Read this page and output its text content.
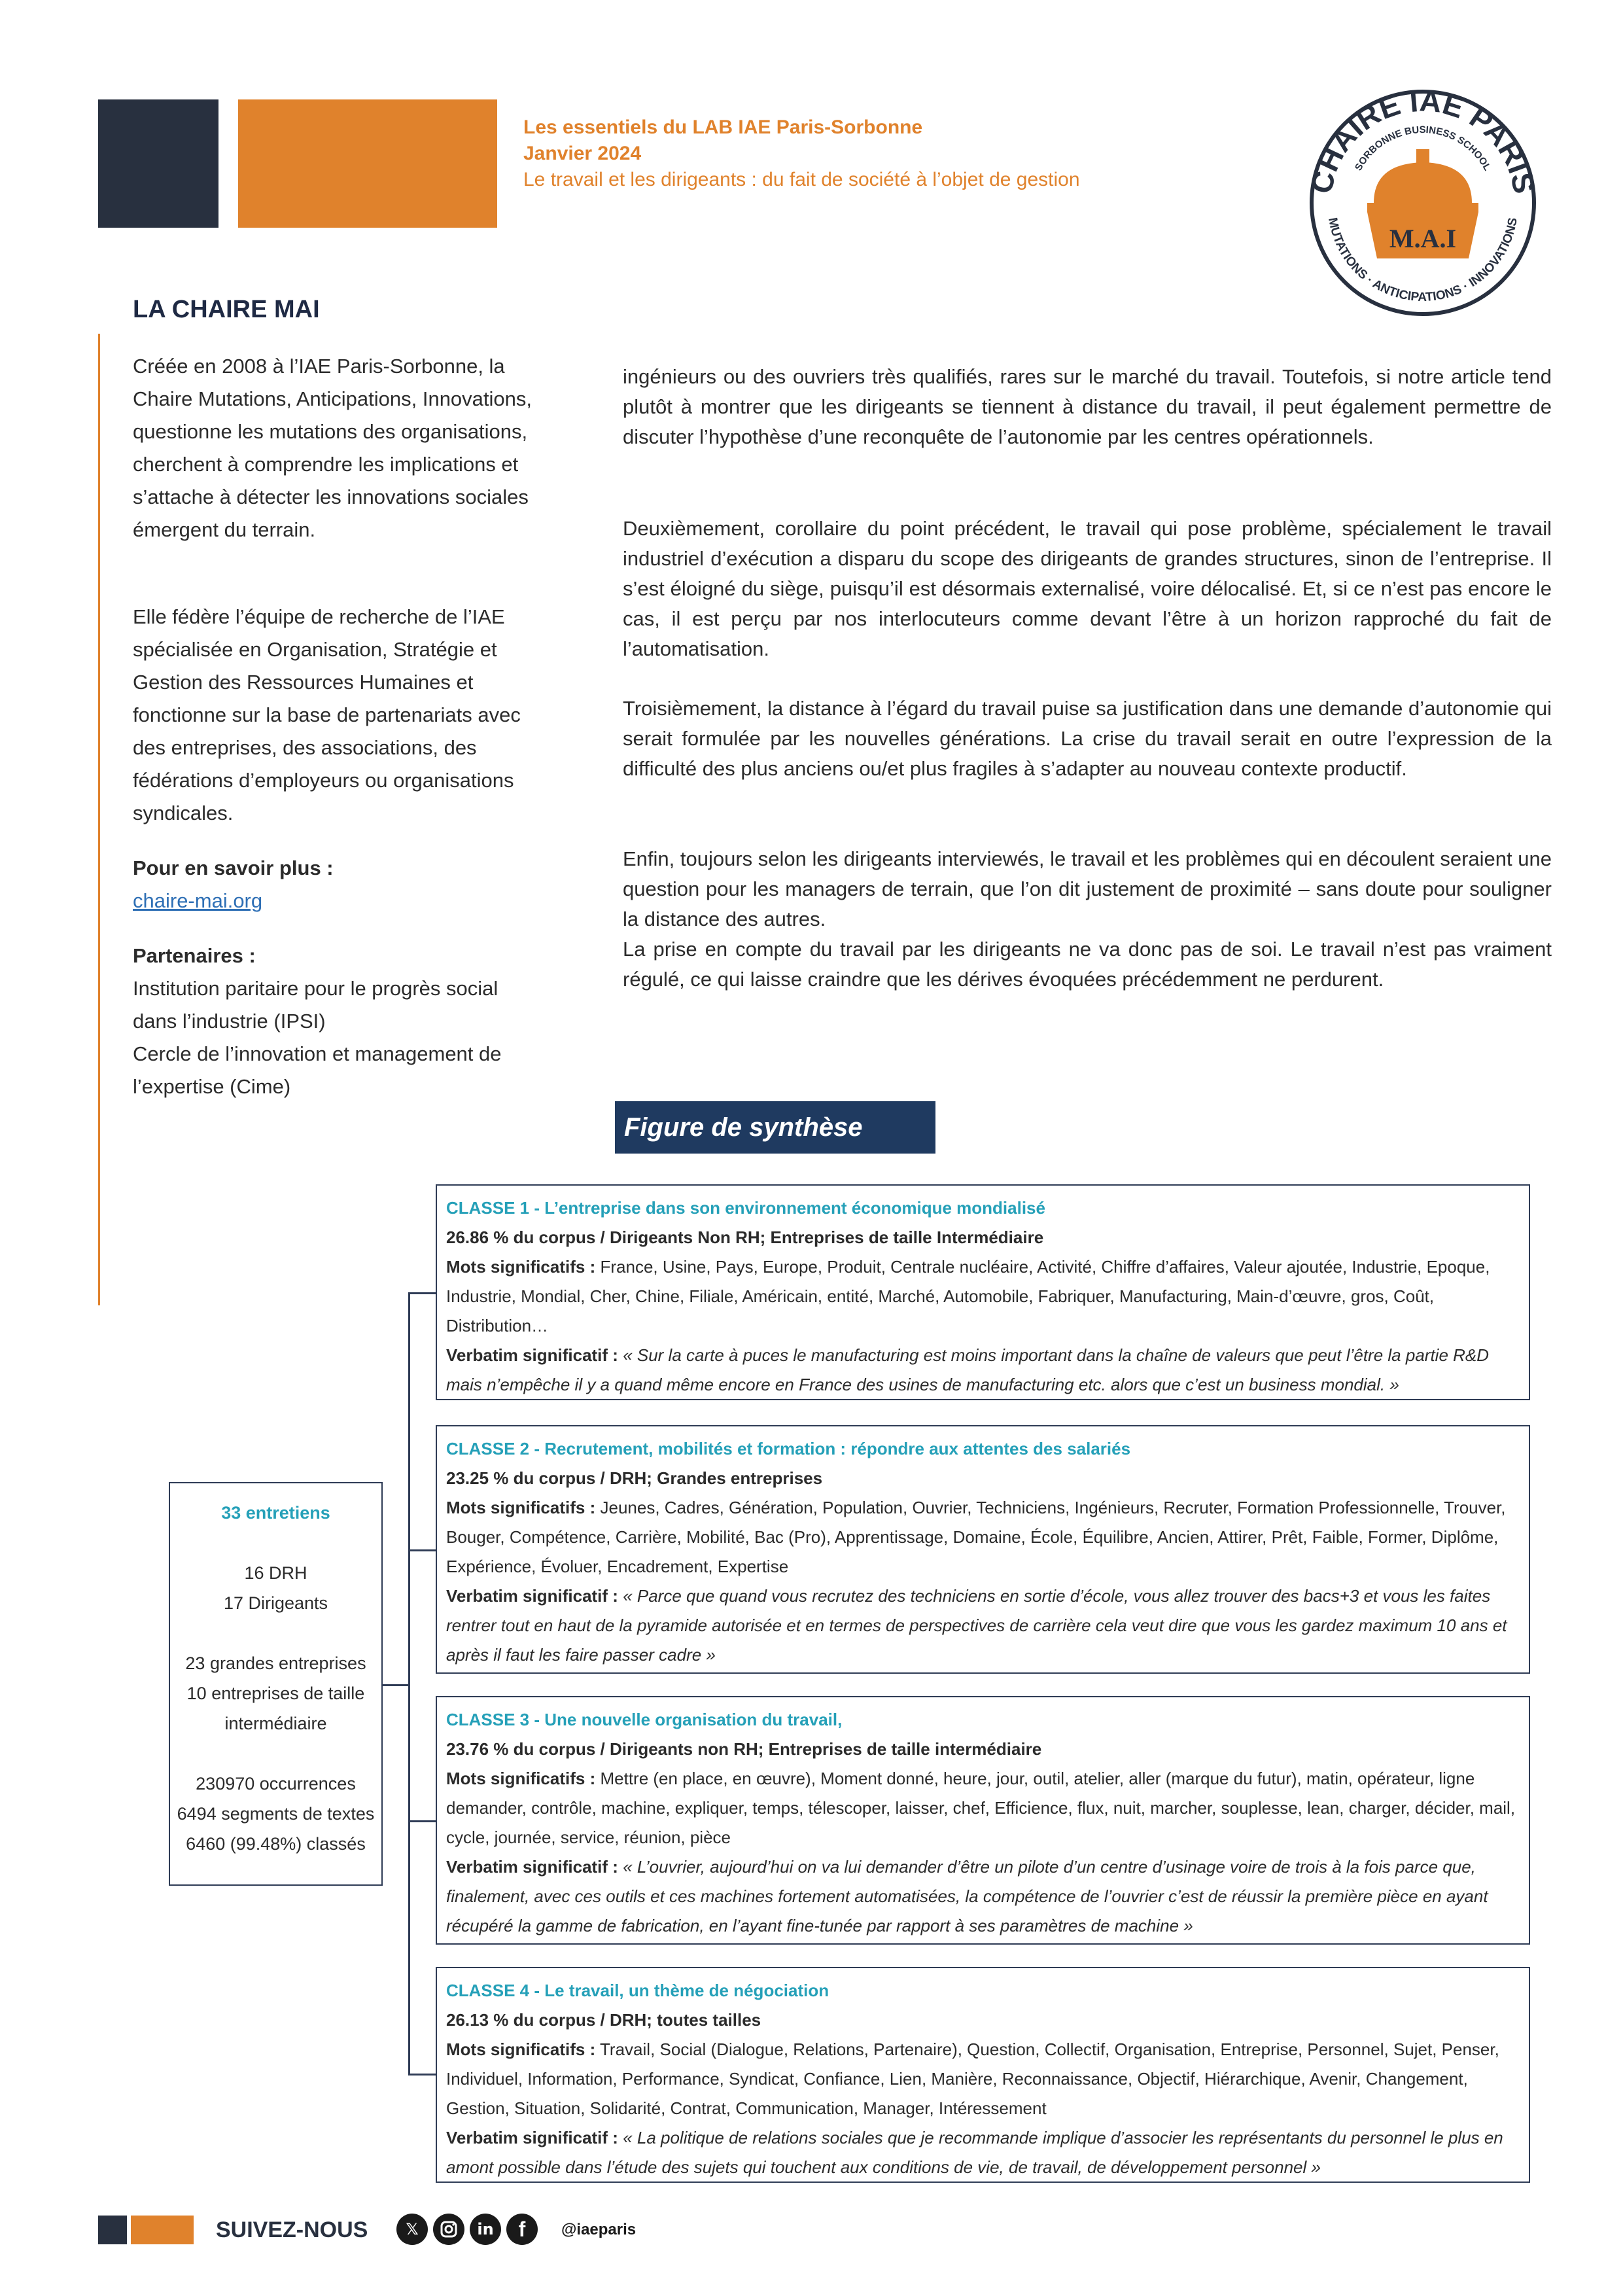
Les essentiels du LAB IAE Paris-Sorbonne
Janvier 2024
Le travail et les dirigeants : du fait de société à l’objet de gestion	CHAIRE IAE PARIS
SORBONNE BUSINESS SCHOOL
MUTATIONS · ANTICIPATIONS · INNOVATIONS
M.A.I
LA CHAIRE MAI
Créée en 2008 à l’IAE Paris-Sorbonne, la Chaire Mutations, Anticipations, Innovations, questionne les mutations des organisations, cherchent à comprendre les implications et s’attache à détecter les innovations sociales émergent du terrain.
Elle fédère l’équipe de recherche de l’IAE spécialisée en Organisation, Stratégie et Gestion des Ressources Humaines et fonctionne sur la base de partenariats avec des entreprises, des associations, des fédérations d’employeurs ou organisations syndicales.
Pour en savoir plus :
chaire-mai.org
Partenaires :
Institution paritaire pour le progrès social dans l’industrie (IPSI)
Cercle de l’innovation et management de l’expertise (Cime)
ingénieurs ou des ouvriers très qualifiés, rares sur le marché du travail. Toutefois, si notre article tend plutôt à montrer que les dirigeants se tiennent à distance du travail, il peut également permettre de discuter l’hypothèse d’une reconquête de l’autonomie par les centres opérationnels.
Deuxièmement, corollaire du point précédent, le travail qui pose problème, spécialement le travail industriel d’exécution a disparu du scope des dirigeants de grandes structures, sinon de l’entreprise. Il s’est éloigné du siège, puisqu’il est désormais externalisé, voire délocalisé. Et, si ce n’est pas encore le cas, il est perçu par nos interlocuteurs comme devant l’être à un horizon rapproché du fait de l’automatisation.
Troisièmement, la distance à l’égard du travail puise sa justification dans une demande d’autonomie qui serait formulée par les nouvelles générations. La crise du travail serait en outre l’expression de la difficulté des plus anciens ou/et plus fragiles à s’adapter au nouveau contexte productif.
Enfin, toujours selon les dirigeants interviewés, le travail et les problèmes qui en découlent seraient une question pour les managers de terrain, que l’on dit justement de proximité – sans doute pour souligner la distance des autres.
La prise en compte du travail par les dirigeants ne va donc pas de soi. Le travail n’est pas vraiment régulé, ce qui laisse craindre que les dérives évoquées précédemment ne perdurent.
Figure de synthèse
33 entretiens
16 DRH
17 Dirigeants
23 grandes entreprises
10 entreprises de taille intermédiaire
230970 occurrences
6494 segments de textes
6460 (99.48%) classés
CLASSE 1 - L’entreprise dans son environnement économique mondialisé
26.86 % du corpus / Dirigeants Non RH; Entreprises de taille Intermédiaire
Mots significatifs : France, Usine, Pays, Europe, Produit, Centrale nucléaire, Activité, Chiffre d’affaires, Valeur ajoutée, Industrie, Epoque, Industrie, Mondial, Cher, Chine, Filiale, Américain, entité, Marché, Automobile, Fabriquer, Manufacturing, Main-d’œuvre, gros, Coût, Distribution…
Verbatim significatif : « Sur la carte à puces le manufacturing est moins important dans la chaîne de valeurs que peut l’être la partie R&D mais n’empêche il y a quand même encore en France des usines de manufacturing etc. alors que c’est un business mondial. »
CLASSE 2 - Recrutement, mobilités et formation : répondre aux attentes des salariés
23.25 % du corpus / DRH; Grandes entreprises
Mots significatifs : Jeunes, Cadres, Génération, Population, Ouvrier, Techniciens, Ingénieurs, Recruter, Formation Professionnelle, Trouver, Bouger, Compétence, Carrière, Mobilité, Bac (Pro), Apprentissage, Domaine, École, Équilibre, Ancien, Attirer, Prêt, Faible, Former, Diplôme, Expérience, Évoluer, Encadrement, Expertise
Verbatim significatif : « Parce que quand vous recrutez des techniciens en sortie d’école, vous allez trouver des bacs+3 et vous les faites rentrer tout en haut de la pyramide autorisée et en termes de perspectives de carrière cela veut dire que vous les gardez maximum 10 ans et après il faut les faire passer cadre »
CLASSE 3 - Une nouvelle organisation du travail,
23.76 % du corpus / Dirigeants non RH; Entreprises de taille intermédiaire
Mots significatifs : Mettre (en place, en œuvre), Moment donné, heure, jour, outil, atelier, aller (marque du futur), matin, opérateur, ligne demander, contrôle, machine, expliquer, temps, télescoper, laisser, chef, Efficience, flux, nuit, marcher, souplesse, lean, charger, décider, mail, cycle, journée, service, réunion, pièce
Verbatim significatif : « L’ouvrier, aujourd’hui on va lui demander d’être un pilote d’un centre d’usinage voire de trois à la fois parce que, finalement, avec ces outils et ces machines fortement automatisées, la compétence de l’ouvrier c’est de réussir la première pièce en ayant récupéré la gamme de fabrication, en l’ayant fine-tunée par rapport à ses paramètres de machine »
CLASSE 4 - Le travail, un thème de négociation
26.13 % du corpus / DRH; toutes tailles
Mots significatifs : Travail, Social (Dialogue, Relations, Partenaire), Question, Collectif, Organisation, Entreprise, Personnel, Sujet, Penser, Individuel, Information, Performance, Syndicat, Confiance, Lien, Manière, Reconnaissance, Objectif, Hiérarchique, Avenir, Changement, Gestion, Situation, Solidarité, Contrat, Communication, Manager, Intéressement
Verbatim significatif : « La politique de relations sociales que je recommande implique d’associer les représentants du personnel le plus en amont possible dans l’étude des sujets qui touchent aux conditions de vie, de travail, de développement personnel »
SUIVEZ-NOUS	𝕏	in	f	@iaeparis
